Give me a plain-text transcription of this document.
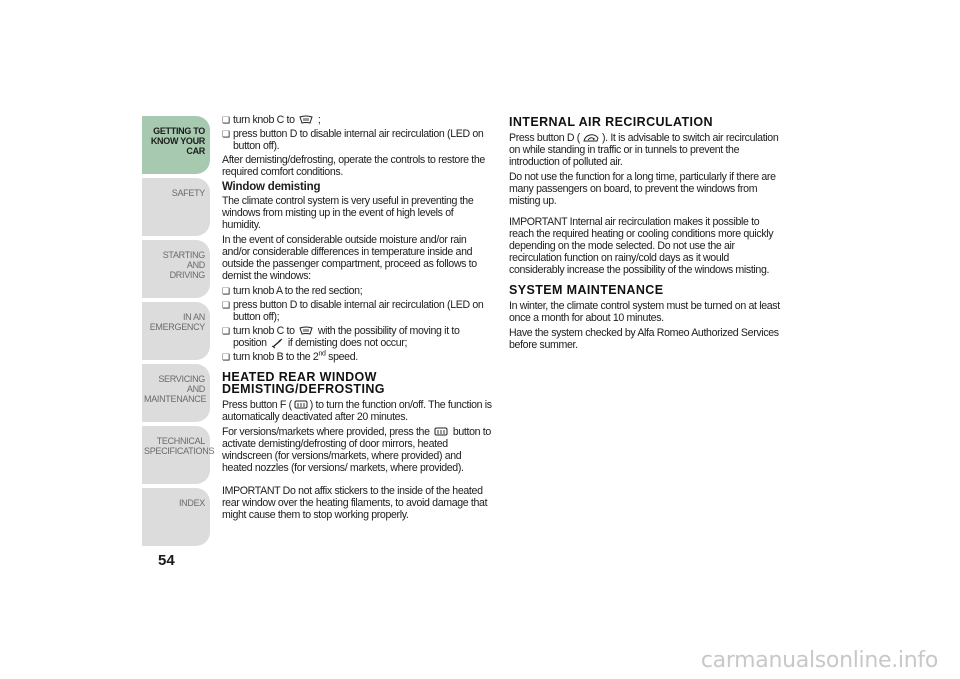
GETTING TO
KNOW YOUR CAR
SAFETY
STARTING AND
DRIVING
IN AN EMERGENCY
SERVICING AND
MAINTENANCE
TECHNICAL
SPECIFICATIONS
INDEX
54
❏ turn knob C to ;
❏ press button D to disable internal air recirculation (LED on button off).

After demisting/defrosting, operate the controls to restore the required comfort conditions.

Window demisting

The climate control system is very useful in preventing the windows from misting up in the event of high levels of humidity.

In the event of considerable outside moisture and/or rain and/or considerable differences in temperature inside and outside the passenger compartment, proceed as follows to demist the windows:

❏ turn knob A to the red section;
❏ press button D to disable internal air recirculation (LED on button off);
❏ turn knob C to with the possibility of moving it to position if demisting does not occur;
❏ turn knob B to the 2nd speed.
HEATED REAR WINDOW DEMISTING/DEFROSTING

Press button F ( ) to turn the function on/off. The function is automatically deactivated after 20 minutes.

For versions/markets where provided, press the button to activate demisting/defrosting of door mirrors, heated windscreen (for versions/markets, where provided) and heated nozzles (for versions/ markets, where provided).

IMPORTANT Do not affix stickers to the inside of the heated rear window over the heating filaments, to avoid damage that might cause them to stop working properly.

INTERNAL AIR RECIRCULATION

Press button D ( ). It is advisable to switch air recirculation on while standing in traffic or in tunnels to prevent the introduction of polluted air.

Do not use the function for a long time, particularly if there are many passengers on board, to prevent the windows from misting up.

IMPORTANT Internal air recirculation makes it possible to reach the required heating or cooling conditions more quickly depending on the mode selected. Do not use the air recirculation function on rainy/cold days as it would considerably increase the possibility of the windows misting.

SYSTEM MAINTENANCE

In winter, the climate control system must be turned on at least once a month for about 10 minutes.

Have the system checked by Alfa Romeo Authorized Services before summer.

carmanualsonline.info
